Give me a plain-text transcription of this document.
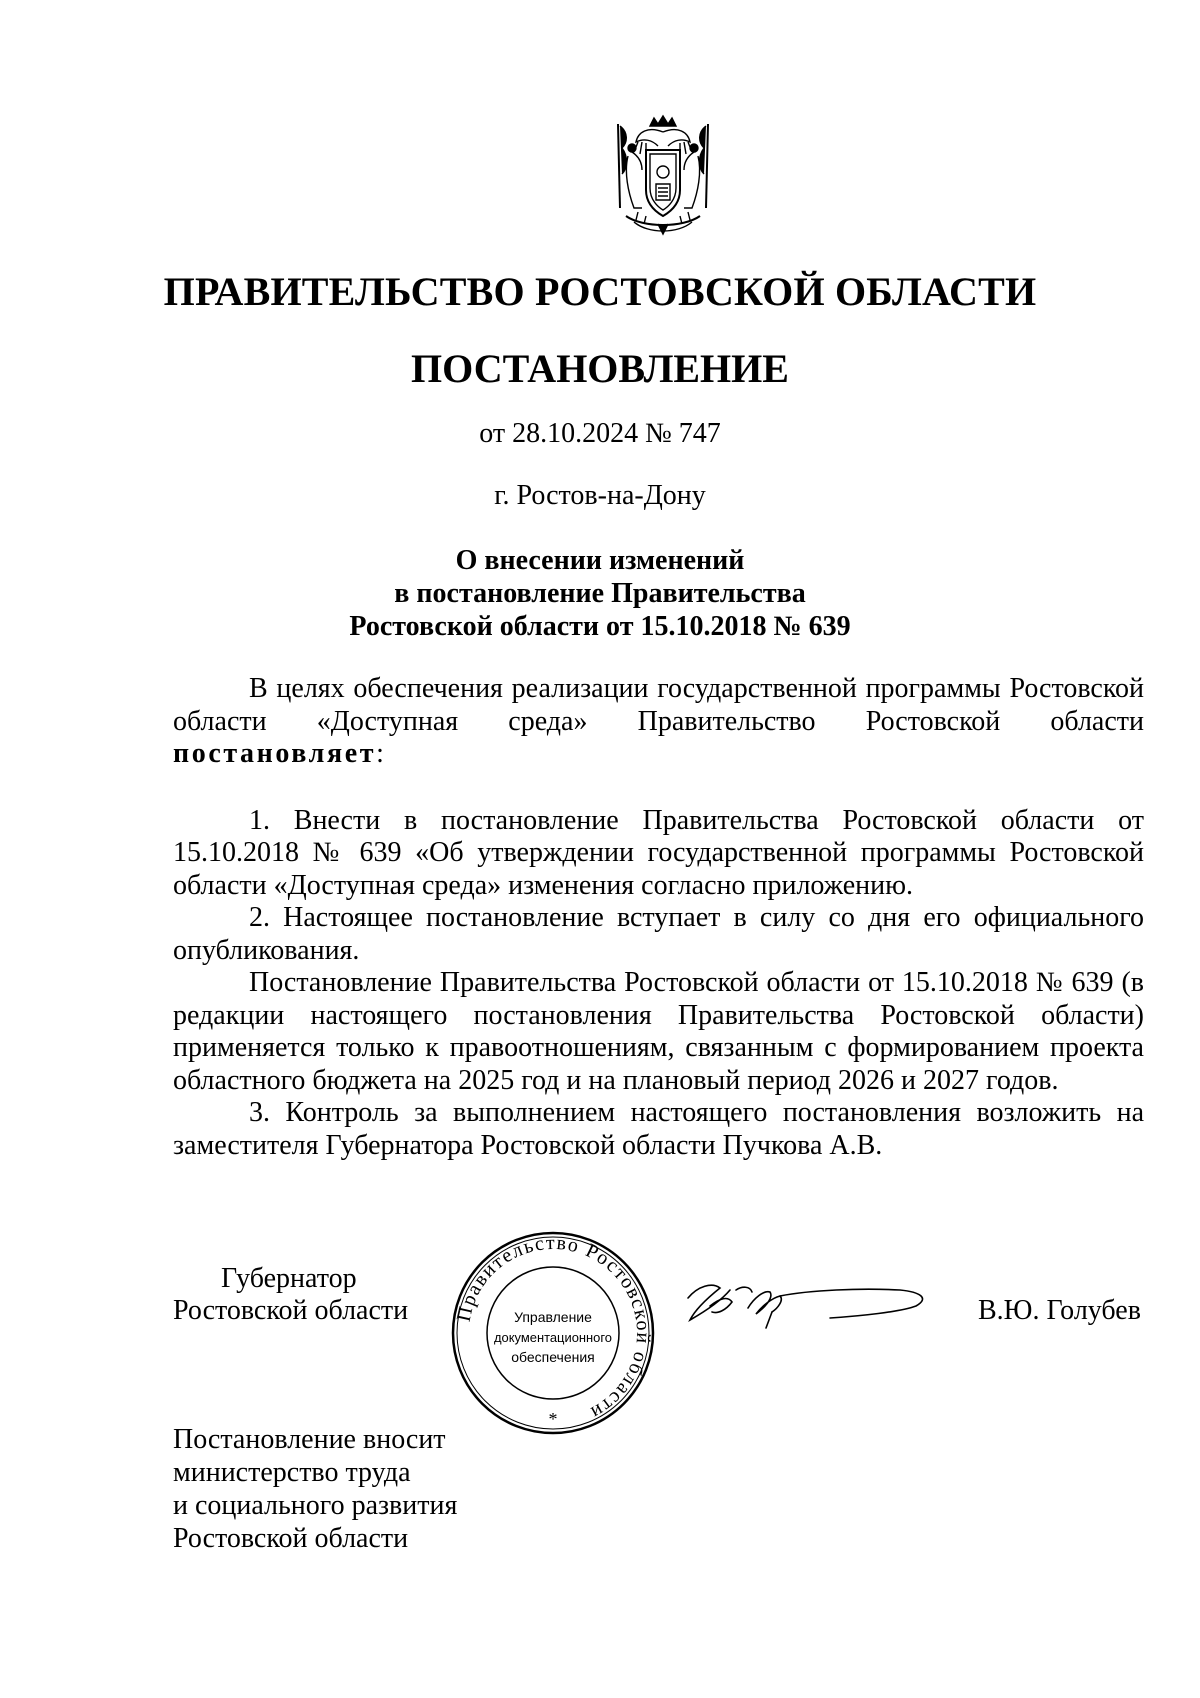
ПРАВИТЕЛЬСТВО РОСТОВСКОЙ ОБЛАСТИ
ПОСТАНОВЛЕНИЕ
от 28.10.2024 № 747
г. Ростов-на-Дону
О внесении изменений
в постановление Правительства
Ростовской области от 15.10.2018 № 639

В целях обеспечения реализации государственной программы Ростовской области «Доступная среда» Правительство Ростовской области постановляет:

1. Внести в постановление Правительства Ростовской области от 15.10.2018 № 639 «Об утверждении государственной программы Ростовской области «Доступная среда» изменения согласно приложению.

2. Настоящее постановление вступает в силу со дня его официального опубликования.

Постановление Правительства Ростовской области от 15.10.2018 № 639 (в редакции настоящего постановления Правительства Ростовской области) применяется только к правоотношениям, связанным с формированием проекта областного бюджета на 2025 год и на плановый период 2026 и 2027 годов.

3. Контроль за выполнением настоящего постановления возложить на заместителя Губернатора Ростовской области Пучкова А.В.

Губернатор
Ростовской области Правительство Ростовской области
Управление
документационного
обеспечения
*
В.Ю. Голубев
Постановление вносит
министерство труда
и социального развития
Ростовской области
